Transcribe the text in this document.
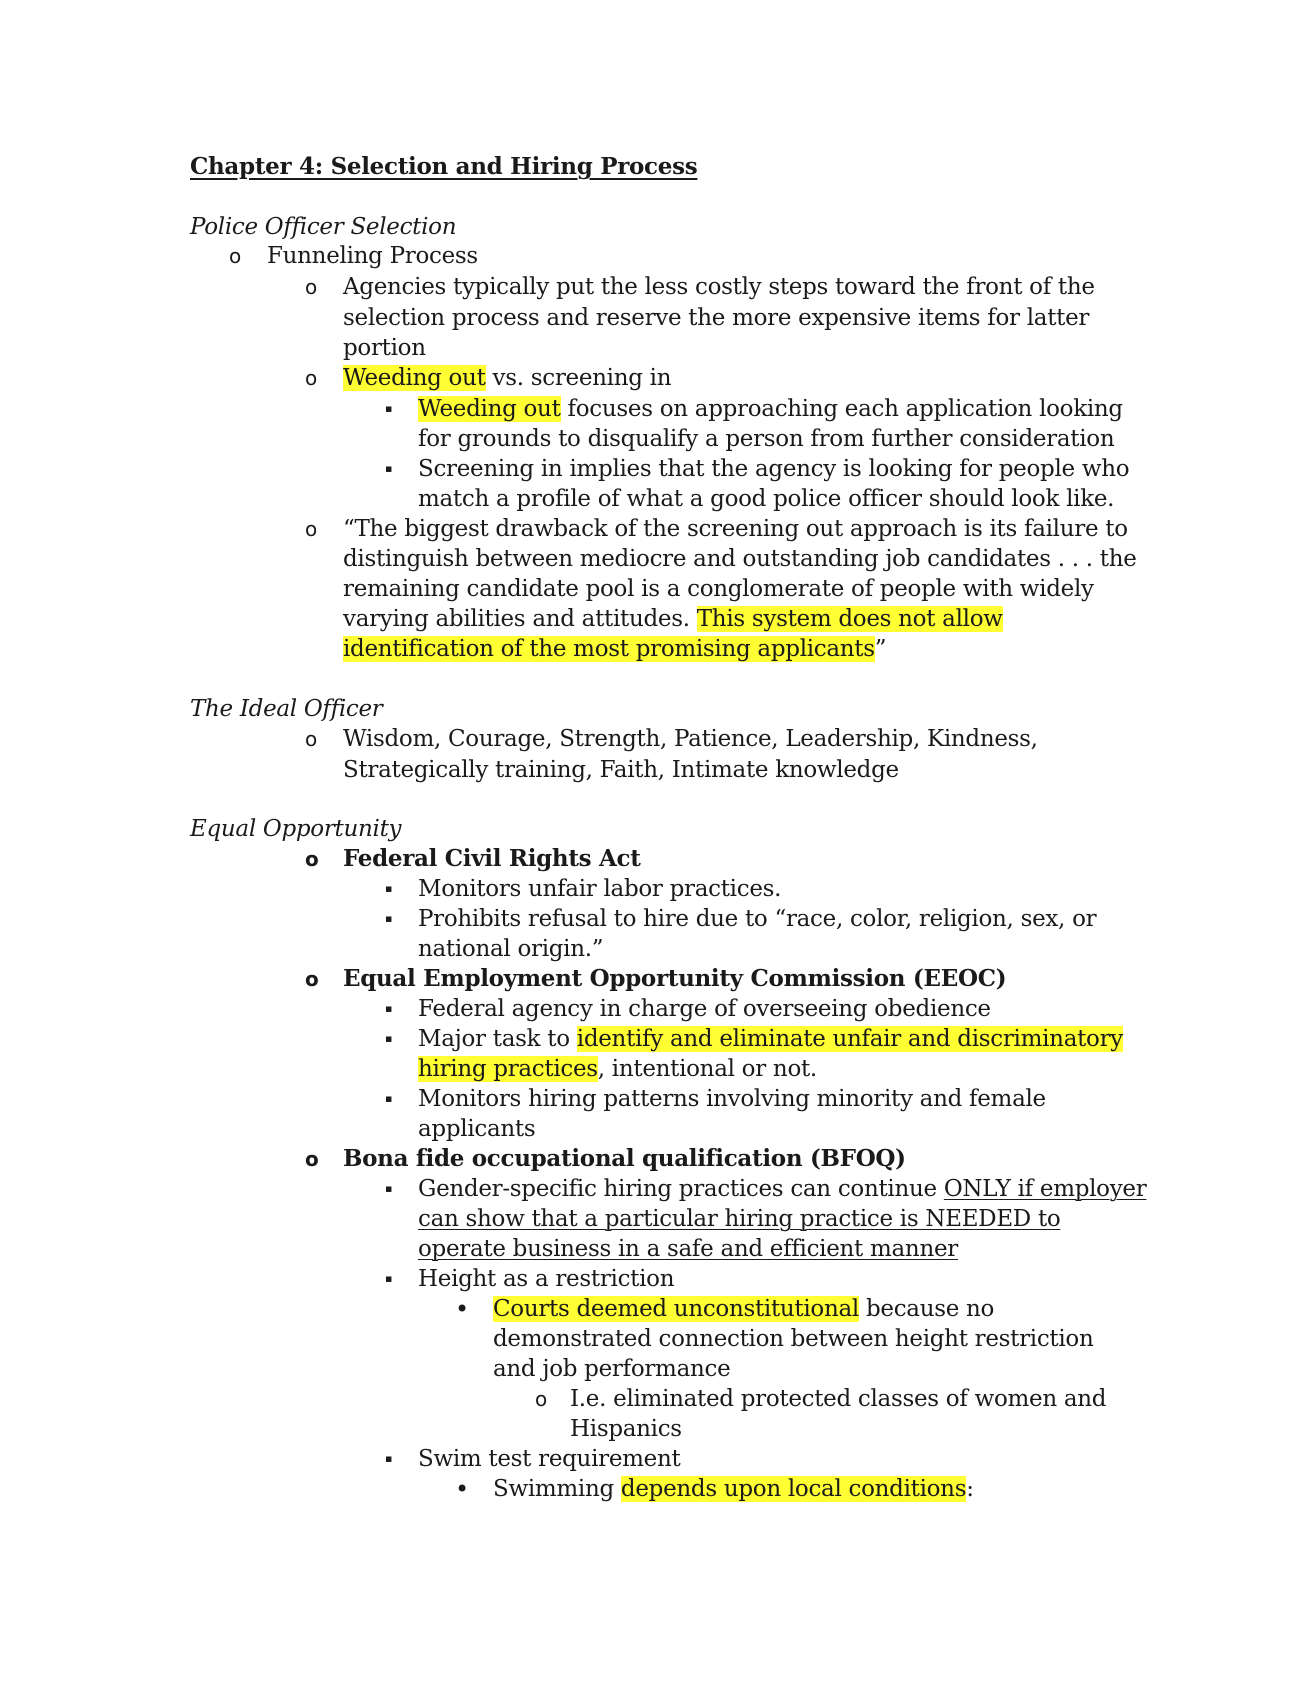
Chapter 4: Selection and Hiring Process
Police Officer Selection
o Funneling Process
o Agencies typically put the less costly steps toward the front of the
selection process and reserve the more expensive items for latter
portion
o Weeding out vs. screening in
▪ Weeding out focuses on approaching each application looking
for grounds to disqualify a person from further consideration
▪ Screening in implies that the agency is looking for people who
match a profile of what a good police officer should look like.
o “The biggest drawback of the screening out approach is its failure to
distinguish between mediocre and outstanding job candidates . . . the
remaining candidate pool is a conglomerate of people with widely
varying abilities and attitudes. This system does not allow
identification of the most promising applicants”
The Ideal Officer
o Wisdom, Courage, Strength, Patience, Leadership, Kindness,
Strategically training, Faith, Intimate knowledge
Equal Opportunity
o Federal Civil Rights Act
▪ Monitors unfair labor practices.
▪ Prohibits refusal to hire due to “race, color, religion, sex, or
national origin.”
o Equal Employment Opportunity Commission (EEOC)
▪ Federal agency in charge of overseeing obedience
▪ Major task to identify and eliminate unfair and discriminatory
hiring practices, intentional or not.
▪ Monitors hiring patterns involving minority and female
applicants
o Bona fide occupational qualification (BFOQ)
▪ Gender-specific hiring practices can continue ONLY if employer
can show that a particular hiring practice is NEEDED to
operate business in a safe and efficient manner
▪ Height as a restriction
• Courts deemed unconstitutional because no
demonstrated connection between height restriction
and job performance
o I.e. eliminated protected classes of women and
Hispanics
▪ Swim test requirement
• Swimming depends upon local conditions:
